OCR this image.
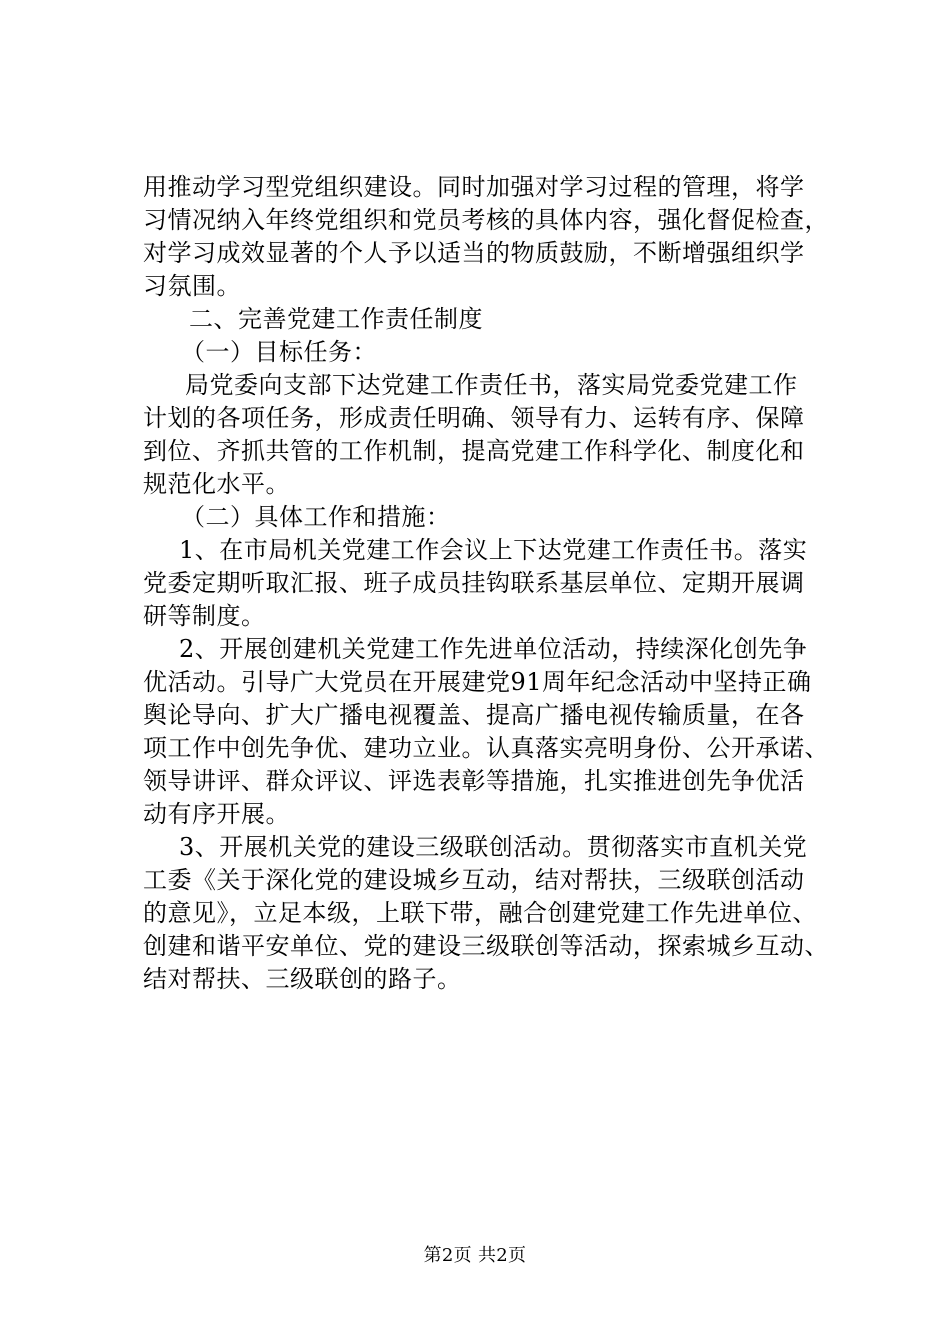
用推动学习型党组织建设。同时加强对学习过程的管理，将学
习情况纳入年终党组织和党员考核的具体内容，强化督促检查，
对学习成效显著的个人予以适当的物质鼓励，不断增强组织学
习氛围。

二、完善党建工作责任制度

（一）目标任务：

局党委向支部下达党建工作责任书，落实局党委党建工作
计划的各项任务，形成责任明确、领导有力、运转有序、保障
到位、齐抓共管的工作机制，提高党建工作科学化、制度化和
规范化水平。

（二）具体工作和措施：

1、在市局机关党建工作会议上下达党建工作责任书。落实
党委定期听取汇报、班子成员挂钩联系基层单位、定期开展调
研等制度。

2、开展创建机关党建工作先进单位活动，持续深化创先争
优活动。引导广大党员在开展建党91周年纪念活动中坚持正确
舆论导向、扩大广播电视覆盖、提高广播电视传输质量，在各
项工作中创先争优、建功立业。认真落实亮明身份、公开承诺、
领导讲评、群众评议、评选表彰等措施，扎实推进创先争优活
动有序开展。

3、开展机关党的建设三级联创活动。贯彻落实市直机关党
工委《关于深化党的建设城乡互动，结对帮扶，三级联创活动
的意见》，立足本级，上联下带，融合创建党建工作先进单位、
创建和谐平安单位、党的建设三级联创等活动，探索城乡互动、
结对帮扶、三级联创的路子。

第2页 共2页
